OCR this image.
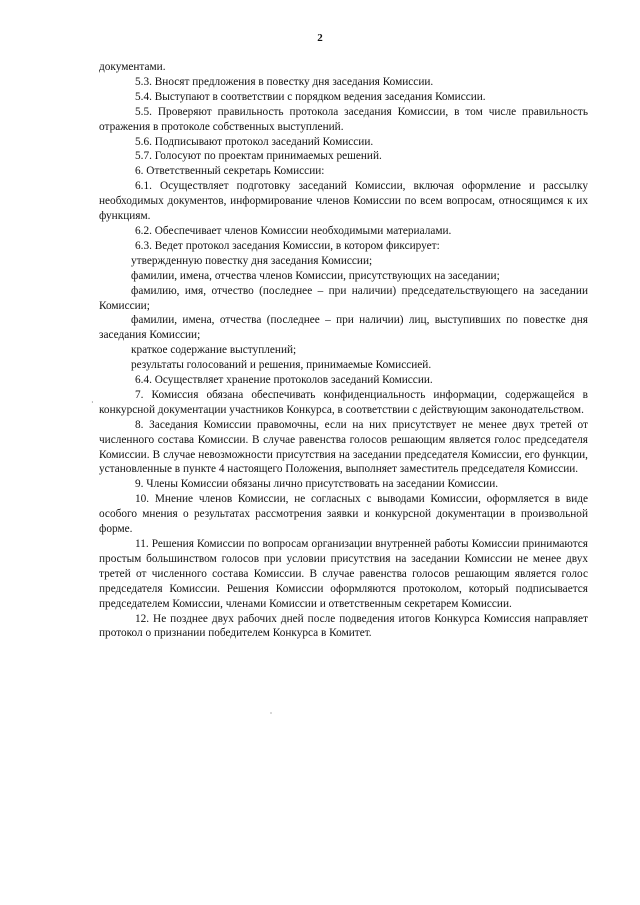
2

документами.

5.3. Вносят предложения в повестку дня заседания Комиссии.

5.4. Выступают в соответствии с порядком ведения заседания Комиссии.

5.5. Проверяют правильность протокола заседания Комиссии, в том числе правильность отражения в протоколе собственных выступлений.

5.6. Подписывают протокол заседаний Комиссии.

5.7. Голосуют по проектам принимаемых решений.

6. Ответственный секретарь Комиссии:

6.1. Осуществляет подготовку заседаний Комиссии, включая оформление и рассылку необходимых документов, информирование членов Комиссии по всем вопросам, относящимся к их функциям.

6.2. Обеспечивает членов Комиссии необходимыми материалами.

6.3. Ведет протокол заседания Комиссии, в котором фиксирует:

утвержденную повестку дня заседания Комиссии;

фамилии, имена, отчества членов Комиссии, присутствующих на заседании;

фамилию, имя, отчество (последнее – при наличии) председательствующего на заседании Комиссии;

фамилии, имена, отчества (последнее – при наличии) лиц, выступивших по повестке дня заседания Комиссии;

краткое содержание выступлений;

результаты голосований и решения, принимаемые Комиссией.

6.4. Осуществляет хранение протоколов заседаний Комиссии.

7. Комиссия обязана обеспечивать конфиденциальность информации, содержащейся в конкурсной документации участников Конкурса, в соответствии с действующим законодательством.

8. Заседания Комиссии правомочны, если на них присутствует не менее двух третей от численного состава Комиссии. В случае равенства голосов решающим является голос председателя Комиссии. В случае невозможности присутствия на заседании председателя Комиссии, его функции, установленные в пункте 4 настоящего Положения, выполняет заместитель председателя Комиссии.

9. Члены Комиссии обязаны лично присутствовать на заседании Комиссии.

10. Мнение членов Комиссии, не согласных с выводами Комиссии, оформляется в виде особого мнения о результатах рассмотрения заявки и конкурсной документации в произвольной форме.

11. Решения Комиссии по вопросам организации внутренней работы Комиссии принимаются простым большинством голосов при условии присутствия на заседании Комиссии не менее двух третей от численного состава Комиссии. В случае равенства голосов решающим является голос председателя Комиссии. Решения Комиссии оформляются протоколом, который подписывается председателем Комиссии, членами Комиссии и ответственным секретарем Комиссии.

12. Не позднее двух рабочих дней после подведения итогов Конкурса Комиссия направляет протокол о признании победителем Конкурса в Комитет.

·
